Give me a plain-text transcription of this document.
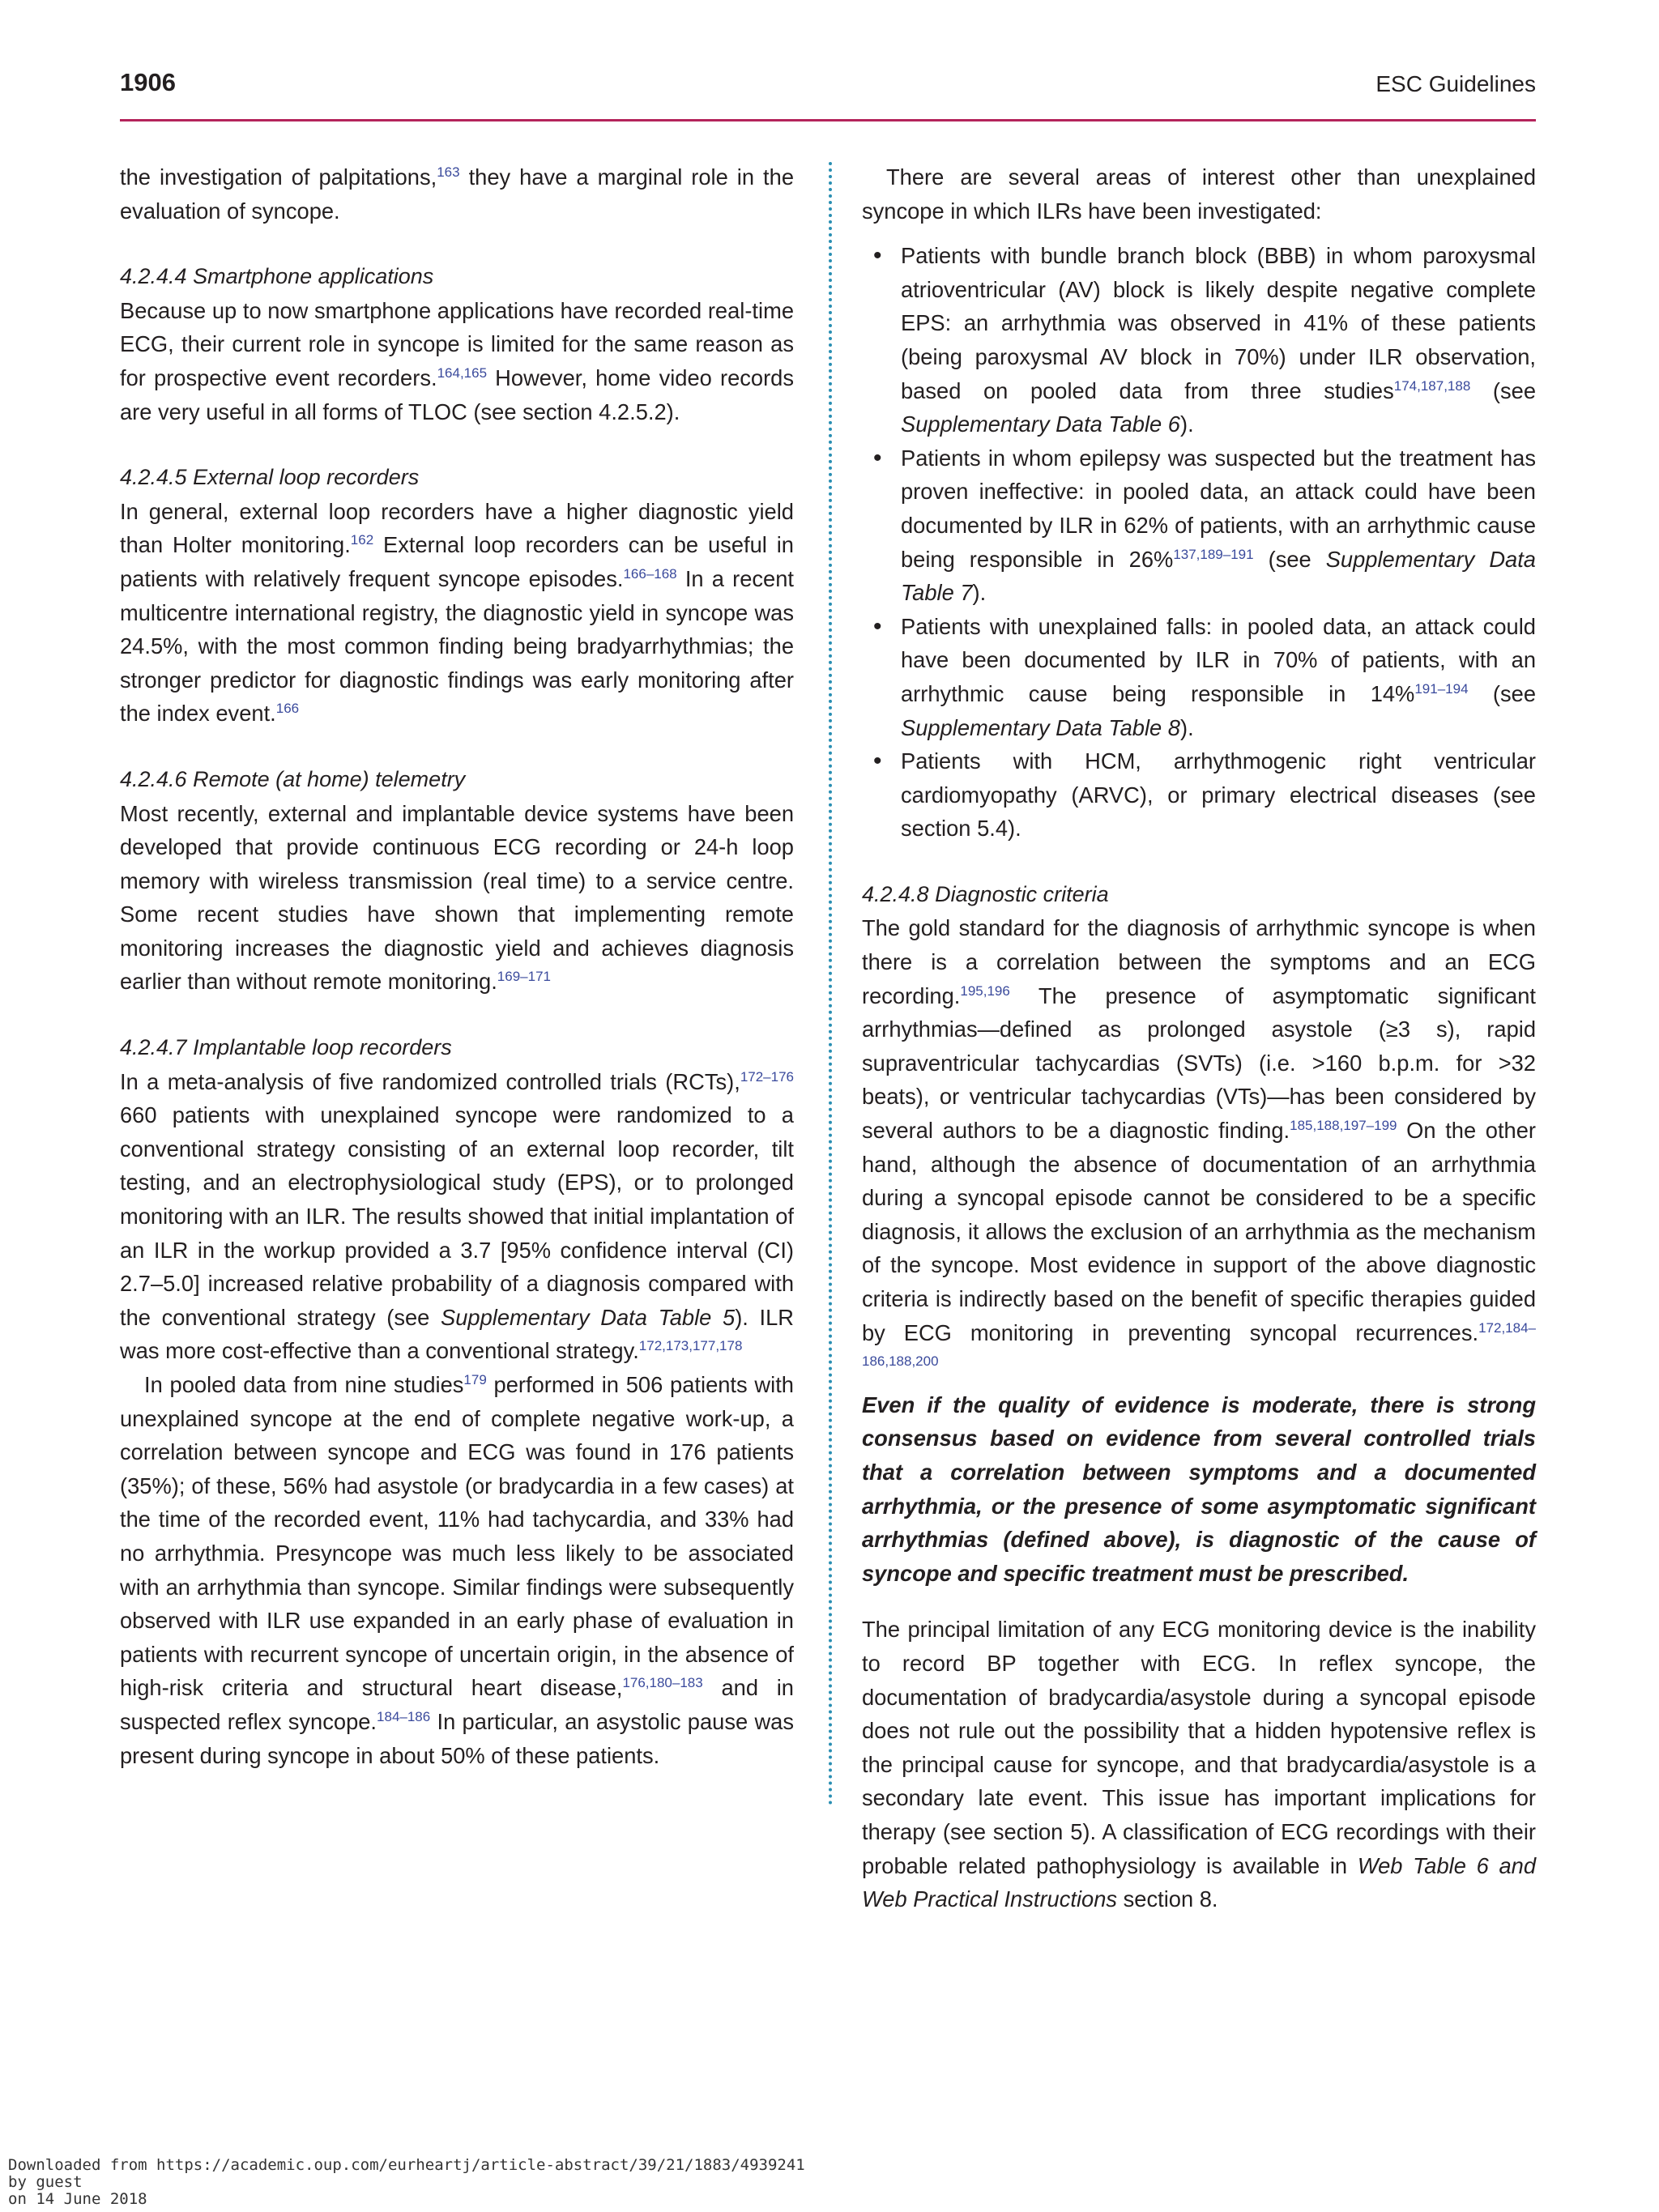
1906	ESC Guidelines

the investigation of palpitations,$^{163}$ they have a marginal role in the evaluation of syncope.

4.2.4.4 Smartphone applications

Because up to now smartphone applications have recorded real-time ECG, their current role in syncope is limited for the same reason as for prospective event recorders.$^{164,165}$ However, home video records are very useful in all forms of TLOC (see section 4.2.5.2).

4.2.4.5 External loop recorders

In general, external loop recorders have a higher diagnostic yield than Holter monitoring.$^{162}$ External loop recorders can be useful in patients with relatively frequent syncope episodes.$^{166-168}$ In a recent multicentre international registry, the diagnostic yield in syncope was 24.5%, with the most common finding being bradyarrhythmias; the stronger predictor for diagnostic findings was early monitoring after the index event.$^{166}$

4.2.4.6 Remote (at home) telemetry

Most recently, external and implantable device systems have been developed that provide continuous ECG recording or 24-h loop memory with wireless transmission (real time) to a service centre. Some recent studies have shown that implementing remote monitoring increases the diagnostic yield and achieves diagnosis earlier than without remote monitoring.$^{169-171}$

4.2.4.7 Implantable loop recorders

In a meta-analysis of five randomized controlled trials (RCTs),$^{172-176}$ 660 patients with unexplained syncope were randomized to a conventional strategy consisting of an external loop recorder, tilt testing, and an electrophysiological study (EPS), or to prolonged monitoring with an ILR. The results showed that initial implantation of an ILR in the workup provided a 3.7 [95% confidence interval (CI) 2.7–5.0] increased relative probability of a diagnosis compared with the conventional strategy (see Supplementary Data Table 5). ILR was more cost-effective than a conventional strategy.$^{172,173,177,178}$

In pooled data from nine studies$^{179}$ performed in 506 patients with unexplained syncope at the end of complete negative work-up, a correlation between syncope and ECG was found in 176 patients (35%); of these, 56% had asystole (or bradycardia in a few cases) at the time of the recorded event, 11% had tachycardia, and 33% had no arrhythmia. Presyncope was much less likely to be associated with an arrhythmia than syncope. Similar findings were subsequently observed with ILR use expanded in an early phase of evaluation in patients with recurrent syncope of uncertain origin, in the absence of high-risk criteria and structural heart disease,$^{176,180-183}$ and in suspected reflex syncope.$^{184-186}$ In particular, an asystolic pause was present during syncope in about 50% of these patients.

There are several areas of interest other than unexplained syncope in which ILRs have been investigated:

• Patients with bundle branch block (BBB) in whom paroxysmal atrioventricular (AV) block is likely despite negative complete EPS: an arrhythmia was observed in 41% of these patients (being paroxysmal AV block in 70%) under ILR observation, based on pooled data from three studies$^{174,187,188}$ (see Supplementary Data Table 6).
• Patients in whom epilepsy was suspected but the treatment has proven ineffective: in pooled data, an attack could have been documented by ILR in 62% of patients, with an arrhythmic cause being responsible in 26%$^{137,189-191}$ (see Supplementary Data Table 7).
• Patients with unexplained falls: in pooled data, an attack could have been documented by ILR in 70% of patients, with an arrhythmic cause being responsible in 14%$^{191-194}$ (see Supplementary Data Table 8).
• Patients with HCM, arrhythmogenic right ventricular cardiomyopathy (ARVC), or primary electrical diseases (see section 5.4).
4.2.4.8 Diagnostic criteria

The gold standard for the diagnosis of arrhythmic syncope is when there is a correlation between the symptoms and an ECG recording.$^{195,196}$ The presence of asymptomatic significant arrhythmias—defined as prolonged asystole (≥3 s), rapid supraventricular tachycardias (SVTs) (i.e. >160 b.p.m. for >32 beats), or ventricular tachycardias (VTs)—has been considered by several authors to be a diagnostic finding.$^{185,188,197-199}$ On the other hand, although the absence of documentation of an arrhythmia during a syncopal episode cannot be considered to be a specific diagnosis, it allows the exclusion of an arrhythmia as the mechanism of the syncope. Most evidence in support of the above diagnostic criteria is indirectly based on the benefit of specific therapies guided by ECG monitoring in preventing syncopal recurrences.$^{172,184-186,188,200}$

Even if the quality of evidence is moderate, there is strong consensus based on evidence from several controlled trials that a correlation between symptoms and a documented arrhythmia, or the presence of some asymptomatic significant arrhythmias (defined above), is diagnostic of the cause of syncope and specific treatment must be prescribed.

The principal limitation of any ECG monitoring device is the inability to record BP together with ECG. In reflex syncope, the documentation of bradycardia/asystole during a syncopal episode does not rule out the possibility that a hidden hypotensive reflex is the principal cause for syncope, and that bradycardia/asystole is a secondary late event. This issue has important implications for therapy (see section 5). A classification of ECG recordings with their probable related pathophysiology is available in Web Table 6 and Web Practical Instructions section 8.

Downloaded from https://academic.oup.com/eurheartj/article-abstract/39/21/1883/4939241
by guest
on 14 June 2018
